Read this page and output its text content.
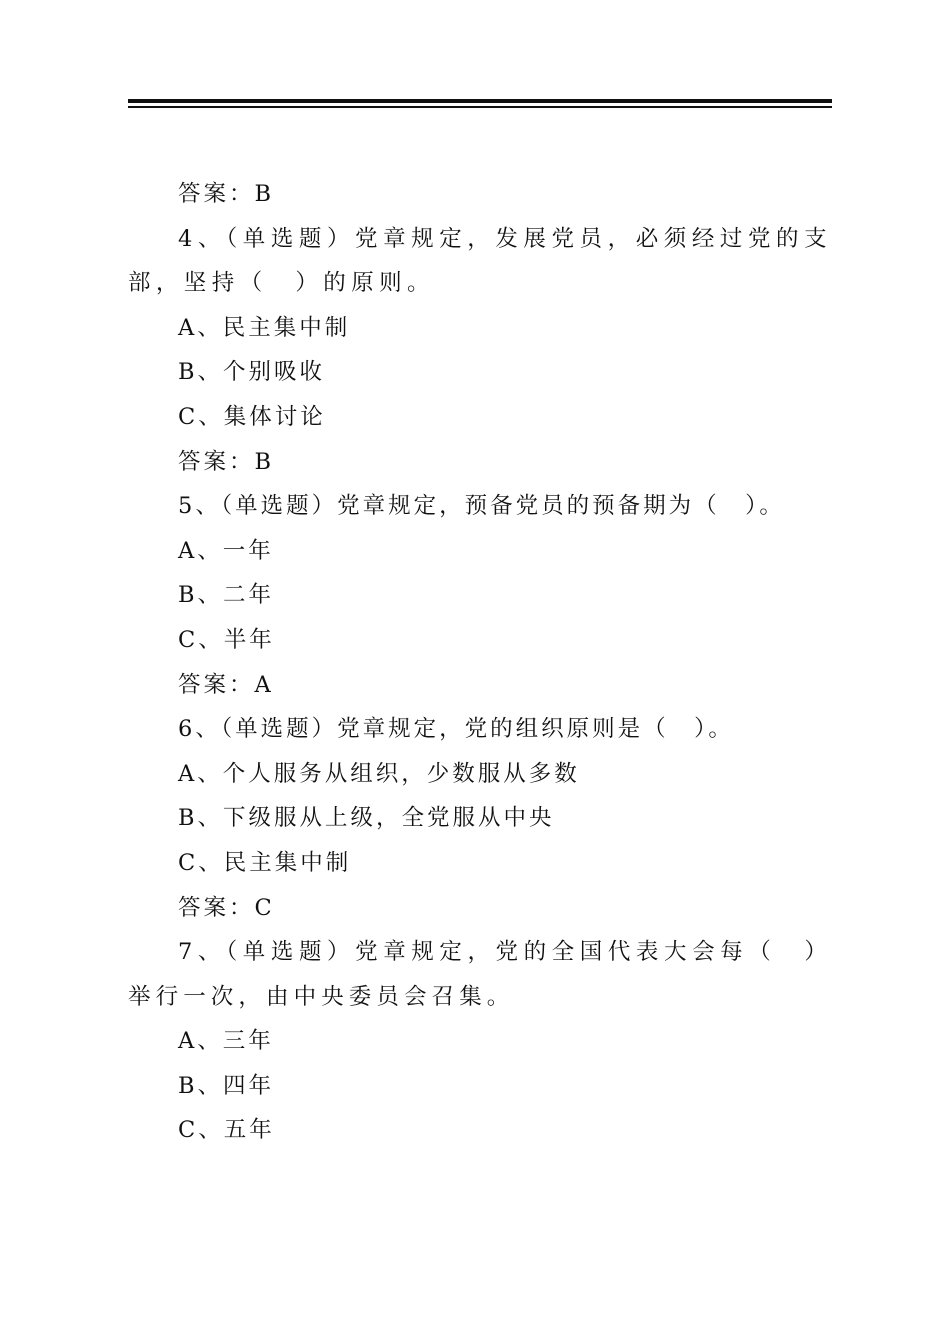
答案：B

4、（单选题）党章规定，发展党员，必须经过党的支部，坚持（　）的原则。

A、民主集中制

B、个别吸收

C、集体讨论

答案：B

5、（单选题）党章规定，预备党员的预备期为（　）。

A、一年

B、二年

C、半年

答案：A

6、（单选题）党章规定，党的组织原则是（　）。

A、个人服务从组织，少数服从多数

B、下级服从上级，全党服从中央

C、民主集中制

答案：C

7、（单选题）党章规定，党的全国代表大会每（　）举行一次，由中央委员会召集。

A、三年

B、四年

C、五年
